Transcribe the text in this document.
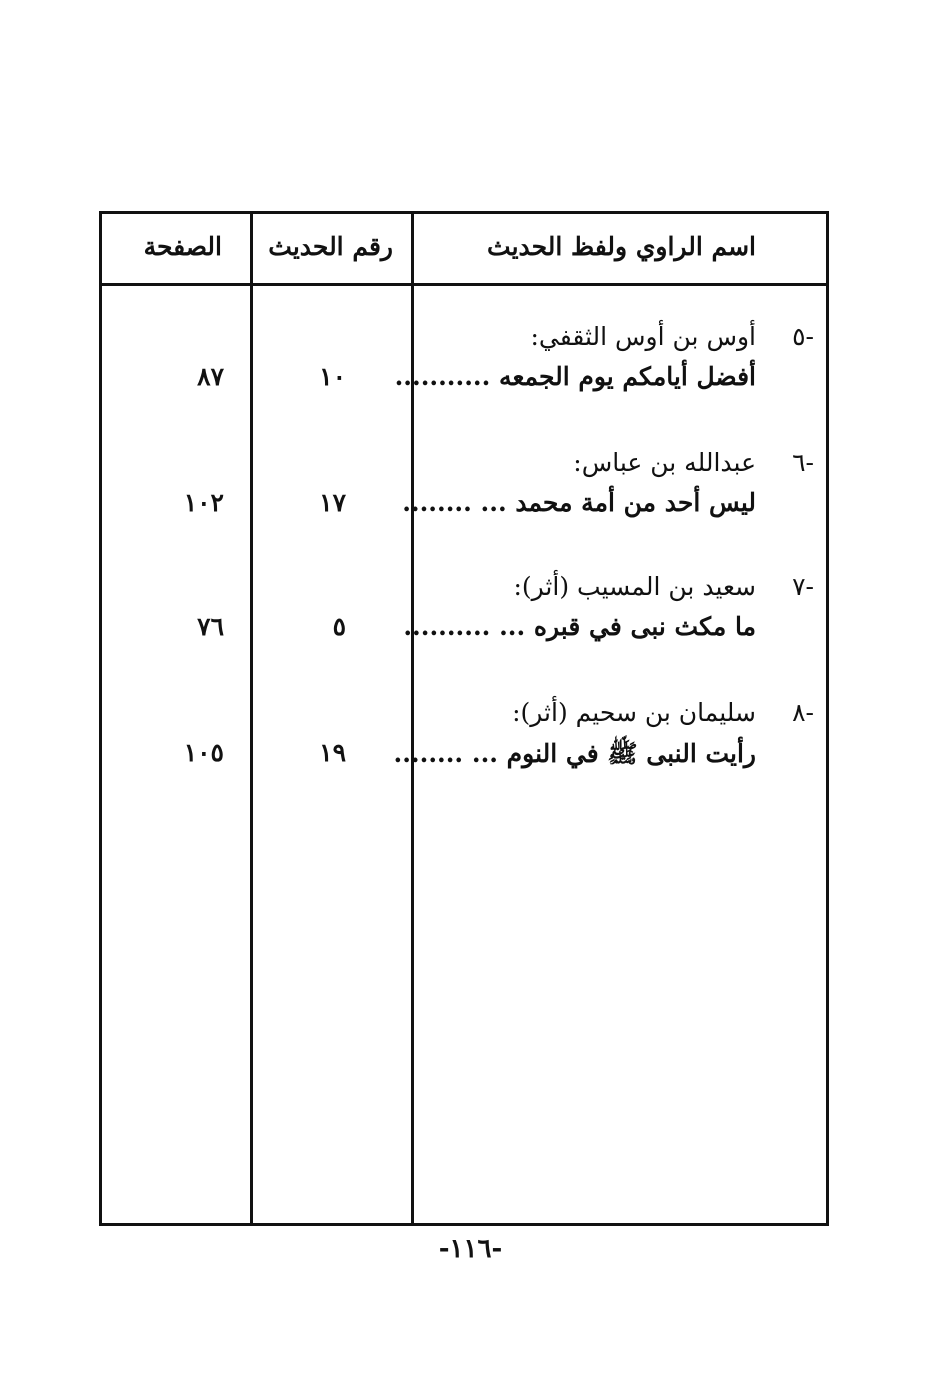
اسم الراوي ولفظ الحديث
رقم الحديث
الصفحة
-٥
أوس بن أوس الثقفي:
أفضل أيامكم يوم الجمعه ...........
١٠
٨٧
-٦
عبدالله بن عباس:
ليس أحد من أمة محمد ... ........
١٧
١٠٢
-٧
سعيد بن المسيب (أثر):
ما مكث نبى في قبره ... ..........
٥
٧٦
-٨
سليمان بن سحيم (أثر):
رأيت النبى ﷺ في النوم ... ........
١٩
١٠٥
-١١٦-
